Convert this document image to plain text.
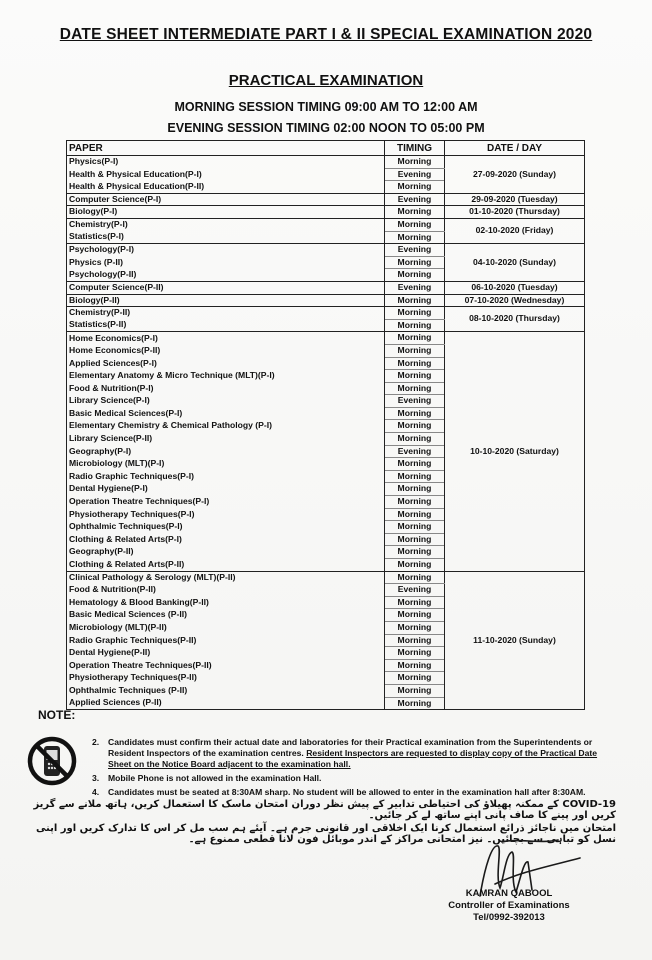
DATE SHEET INTERMEDIATE PART I & II SPECIAL EXAMINATION 2020
PRACTICAL EXAMINATION

MORNING SESSION TIMING 09:00 AM TO 12:00 AM

EVENING SESSION TIMING 02:00 NOON TO 05:00 PM

PAPER	TIMING	DATE / DAY
Physics(P-I)	Morning	27-09-2020 (Sunday)
Health & Physical Education(P-I)	Evening	
Health & Physical Education(P-II)	Morning	
Computer Science(P-I)	Evening	29-09-2020 (Tuesday)
Biology(P-I)	Morning	01-10-2020 (Thursday)
Chemistry(P-I)	Morning	02-10-2020 (Friday)
Statistics(P-I)	Morning	
Psychology(P-I)	Evening	04-10-2020 (Sunday)
Physics (P-II)	Morning	
Psychology(P-II)	Morning	
Computer Science(P-II)	Evening	06-10-2020 (Tuesday)
Biology(P-II)	Morning	07-10-2020 (Wednesday)
Chemistry(P-II)	Morning	08-10-2020 (Thursday)
Statistics(P-II)	Morning	
Home Economics(P-I)	Morning	10-10-2020 (Saturday)
Home Economics(P-II)	Morning	
Applied Sciences(P-I)	Morning	
Elementary Anatomy & Micro Technique (MLT)(P-I)	Morning	
Food & Nutrition(P-I)	Morning	
Library Science(P-I)	Evening	
Basic Medical Sciences(P-I)	Morning	
Elementary Chemistry & Chemical Pathology (P-I)	Morning	
Library Science(P-II)	Morning	
Geography(P-I)	Evening	
Microbiology (MLT)(P-I)	Morning	
Radio Graphic Techniques(P-I)	Morning	
Dental Hygiene(P-I)	Morning	
Operation Theatre Techniques(P-I)	Morning	
Physiotherapy Techniques(P-I)	Morning	
Ophthalmic Techniques(P-I)	Morning	
Clothing & Related Arts(P-I)	Morning	
Geography(P-II)	Morning	
Clothing & Related Arts(P-II)	Morning	
Clinical Pathology & Serology (MLT)(P-II)	Morning	11-10-2020 (Sunday)
Food & Nutrition(P-II)	Evening	
Hematology & Blood Banking(P-II)	Morning	
Basic Medical Sciences (P-II)	Morning	
Microbiology (MLT)(P-II)	Morning	
Radio Graphic Techniques(P-II)	Morning	
Dental Hygiene(P-II)	Morning	
Operation Theatre Techniques(P-II)	Morning	
Physiotherapy Techniques(P-II)	Morning	
Ophthalmic Techniques (P-II)	Morning	
Applied Sciences (P-II)	Morning	

NOTE:

2. Candidates must confirm their actual date and laboratories for their Practical examination from the Superintendents or Resident Inspectors of the examination centres. Resident Inspectors are requested to display copy of the Practical Date Sheet on the Notice Board adjacent to the examination hall.
3. Mobile Phone is not allowed in the examination Hall.
4. Candidates must be seated at 8:30AM sharp. No student will be allowed to enter in the examination hall after 8:30AM.

COVID-19 کے ممکنہ پھیلاؤ کی احتیاطی تدابیر کے پیش نظر دوران امتحان ماسک کا استعمال کریں، ہاتھ ملانے سے گریز کریں اور پینے کا صاف پانی اپنے ساتھ لے کر جائیں۔

امتحان میں ناجائز ذرائع استعمال کرنا ایک اخلاقی اور قانونی جرم ہے۔ آیئے ہم سب مل کر اس کا تدارک کریں اور اپنی نسل کو تباہی سے بچائیں۔ نیز امتحانی مراکز کے اندر موبائل فون لانا قطعی ممنوع ہے۔

KAMRAN QABOOL
Controller of Examinations
Tel/0992-392013
